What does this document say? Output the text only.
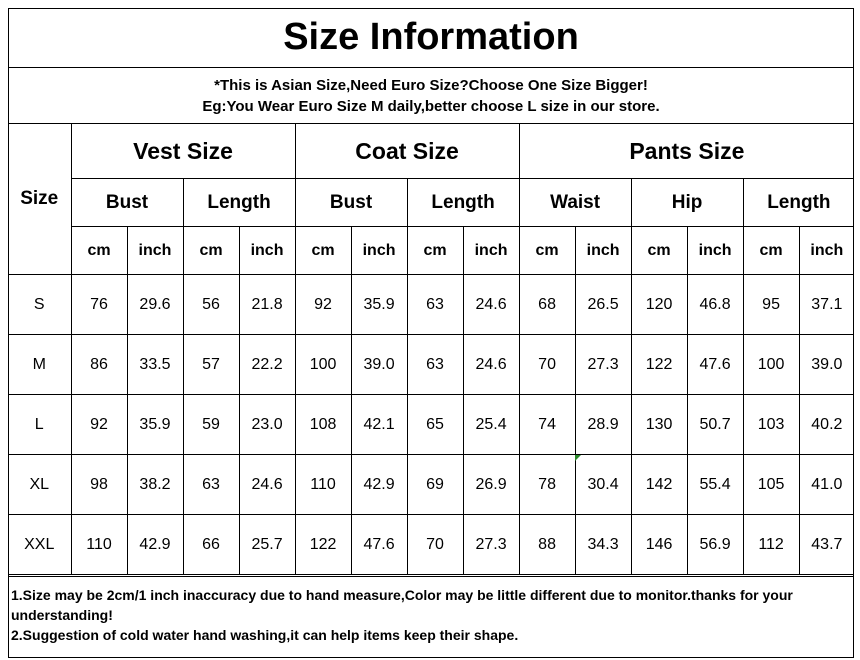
Size Information
*This is Asian Size,Need Euro Size?Choose One Size Bigger!
Eg:You Wear Euro Size M daily,better choose L size in our store.
Size	Vest Size				Coat Size				Pants Size					
	Bust		Length		Bust		Length		Waist		Hip		Length	
	cm	inch	cm	inch	cm	inch	cm	inch	cm	inch	cm	inch	cm	inch
S	76	29.6	56	21.8	92	35.9	63	24.6	68	26.5	120	46.8	95	37.1
M	86	33.5	57	22.2	100	39.0	63	24.6	70	27.3	122	47.6	100	39.0
L	92	35.9	59	23.0	108	42.1	65	25.4	74	28.9	130	50.7	103	40.2
XL	98	38.2	63	24.6	110	42.9	69	26.9	78	30.4	142	55.4	105	41.0
XXL	110	42.9	66	25.7	122	47.6	70	27.3	88	34.3	146	56.9	112	43.7
1.Size may be 2cm/1 inch inaccuracy due to hand measure,Color may be little different due to monitor.thanks for your understanding!
2.Suggestion of cold water hand washing,it can help items keep their shape.
